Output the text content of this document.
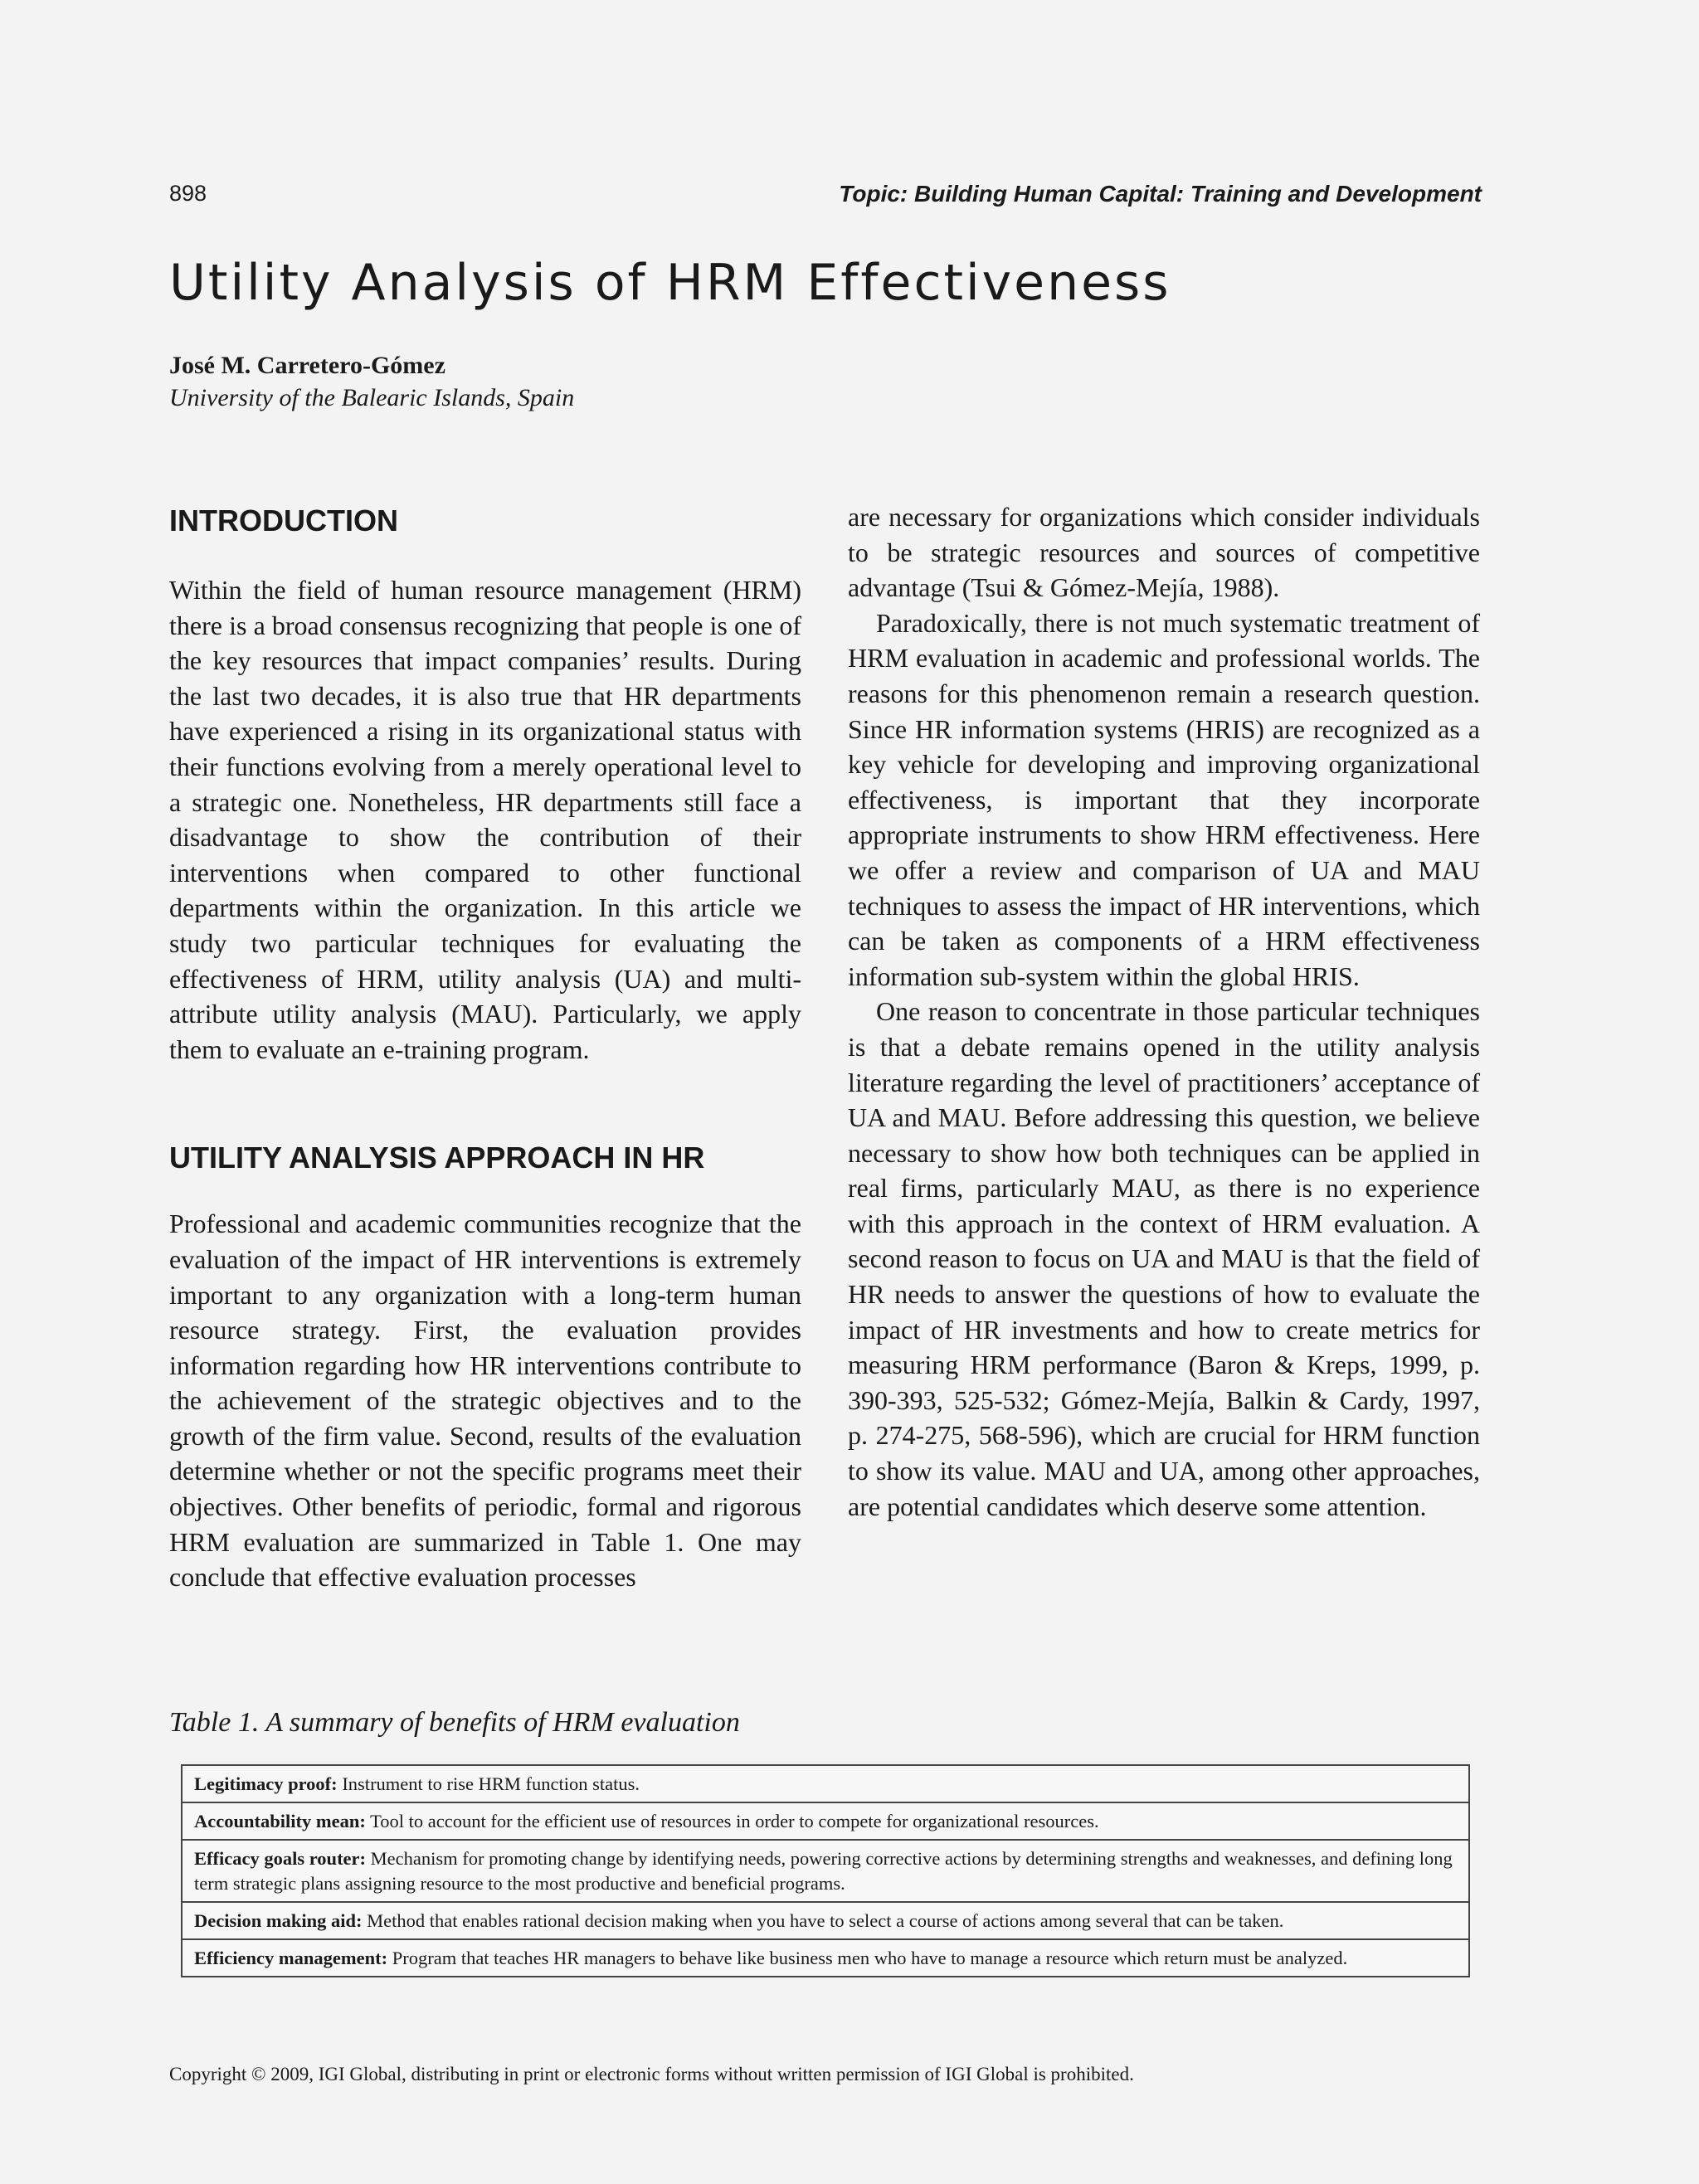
898	Topic: Building Human Capital: Training and Development
Utility Analysis of HRM Effectiveness
José M. Carretero-Gómez
University of the Balearic Islands, Spain
INTRODUCTION

Within the field of human resource management (HRM) there is a broad consensus recognizing that people is one of the key resources that impact companies’ results. During the last two decades, it is also true that HR departments have experienced a rising in its organizational status with their functions evolving from a merely operational level to a strategic one. Nonetheless, HR departments still face a disadvantage to show the contribution of their interventions when compared to other functional departments within the organization. In this article we study two particular techniques for evaluating the effectiveness of HRM, utility analysis (UA) and multi-attribute utility analysis (MAU). Particularly, we apply them to evaluate an e-training program.

UTILITY ANALYSIS APPROACH IN HR

Professional and academic communities recognize that the evaluation of the impact of HR interventions is extremely important to any organization with a long-term human resource strategy. First, the evaluation provides information regarding how HR interventions contribute to the achievement of the strategic objectives and to the growth of the firm value. Second, results of the evaluation determine whether or not the specific programs meet their objectives. Other benefits of periodic, formal and rigorous HRM evaluation are summarized in Table 1. One may conclude that effective evaluation processes

are necessary for organizations which consider individuals to be strategic resources and sources of competitive advantage (Tsui & Gómez-Mejía, 1988).

Paradoxically, there is not much systematic treatment of HRM evaluation in academic and professional worlds. The reasons for this phenomenon remain a research question. Since HR information systems (HRIS) are recognized as a key vehicle for developing and improving organizational effectiveness, is important that they incorporate appropriate instruments to show HRM effectiveness. Here we offer a review and comparison of UA and MAU techniques to assess the impact of HR interventions, which can be taken as components of a HRM effectiveness information sub-system within the global HRIS.

One reason to concentrate in those particular techniques is that a debate remains opened in the utility analysis literature regarding the level of practitioners’ acceptance of UA and MAU. Before addressing this question, we believe necessary to show how both techniques can be applied in real firms, particularly MAU, as there is no experience with this approach in the context of HRM evaluation. A second reason to focus on UA and MAU is that the field of HR needs to answer the questions of how to evaluate the impact of HR investments and how to create metrics for measuring HRM performance (Baron & Kreps, 1999, p. 390-393, 525-532; Gómez-Mejía, Balkin & Cardy, 1997, p. 274-275, 568-596), which are crucial for HRM function to show its value. MAU and UA, among other approaches, are potential candidates which deserve some attention.

Table 1. A summary of benefits of HRM evaluation
Legitimacy proof: Instrument to rise HRM function status.
Accountability mean: Tool to account for the efficient use of resources in order to compete for organizational resources.
Efficacy goals router: Mechanism for promoting change by identifying needs, powering corrective actions by determining strengths and weaknesses, and defining long term strategic plans assigning resource to the most productive and beneficial programs.
Decision making aid: Method that enables rational decision making when you have to select a course of actions among several that can be taken.
Efficiency management: Program that teaches HR managers to behave like business men who have to manage a resource which return must be analyzed.
Copyright © 2009, IGI Global, distributing in print or electronic forms without written permission of IGI Global is prohibited.
